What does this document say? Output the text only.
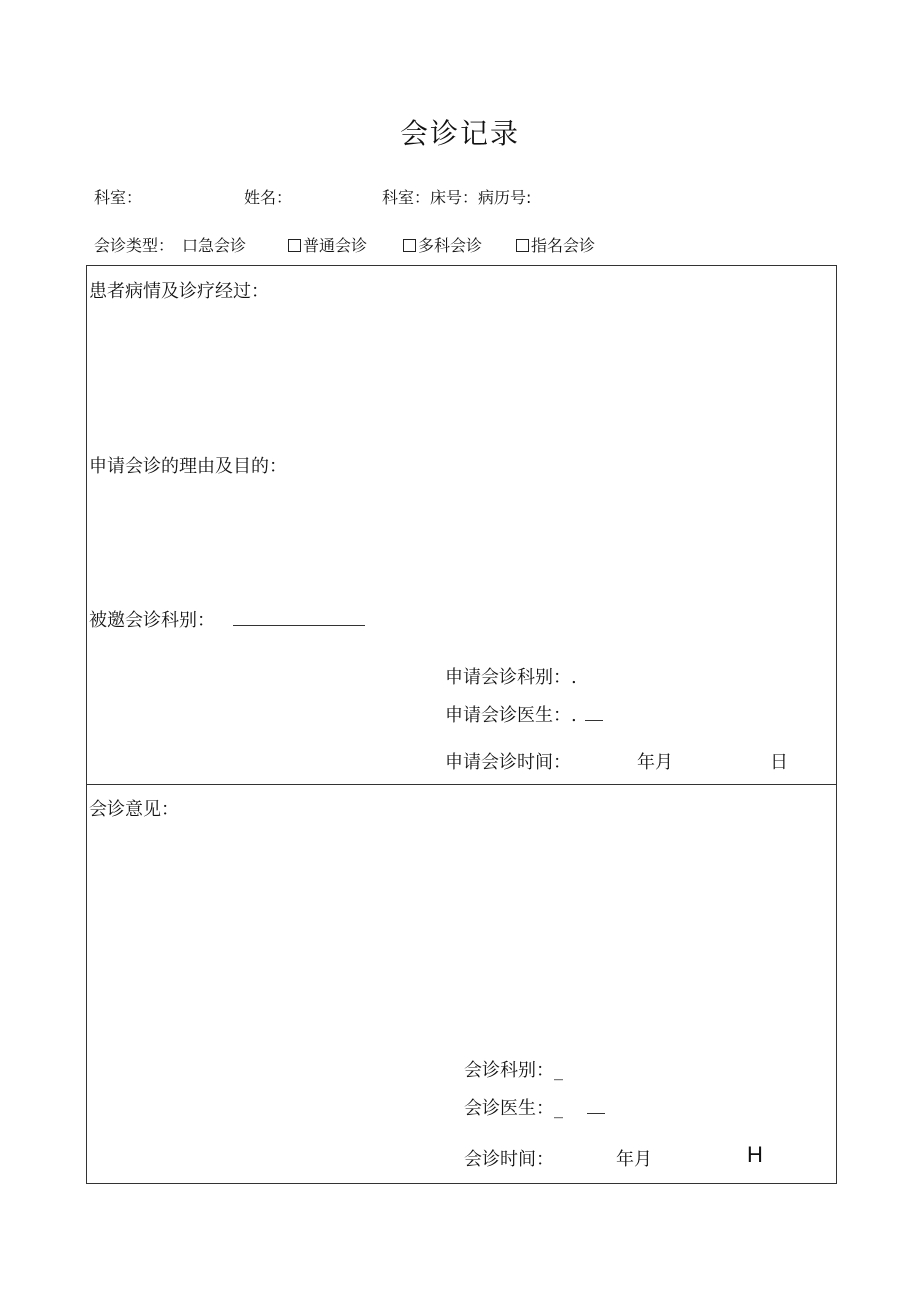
会诊记录
科室：	姓名：	科室：床号：病历号:
会诊类型： 口急会诊	普通会诊	多科会诊	指名会诊
患者病情及诊疗经过：
申请会诊的理由及目的：
被邀会诊科别：
申请会诊科别：.
申请会诊医生：.
申请会诊时间：	年月	日
会诊意见：
会诊科别：_
会诊医生：_
会诊时间：	年月	H
